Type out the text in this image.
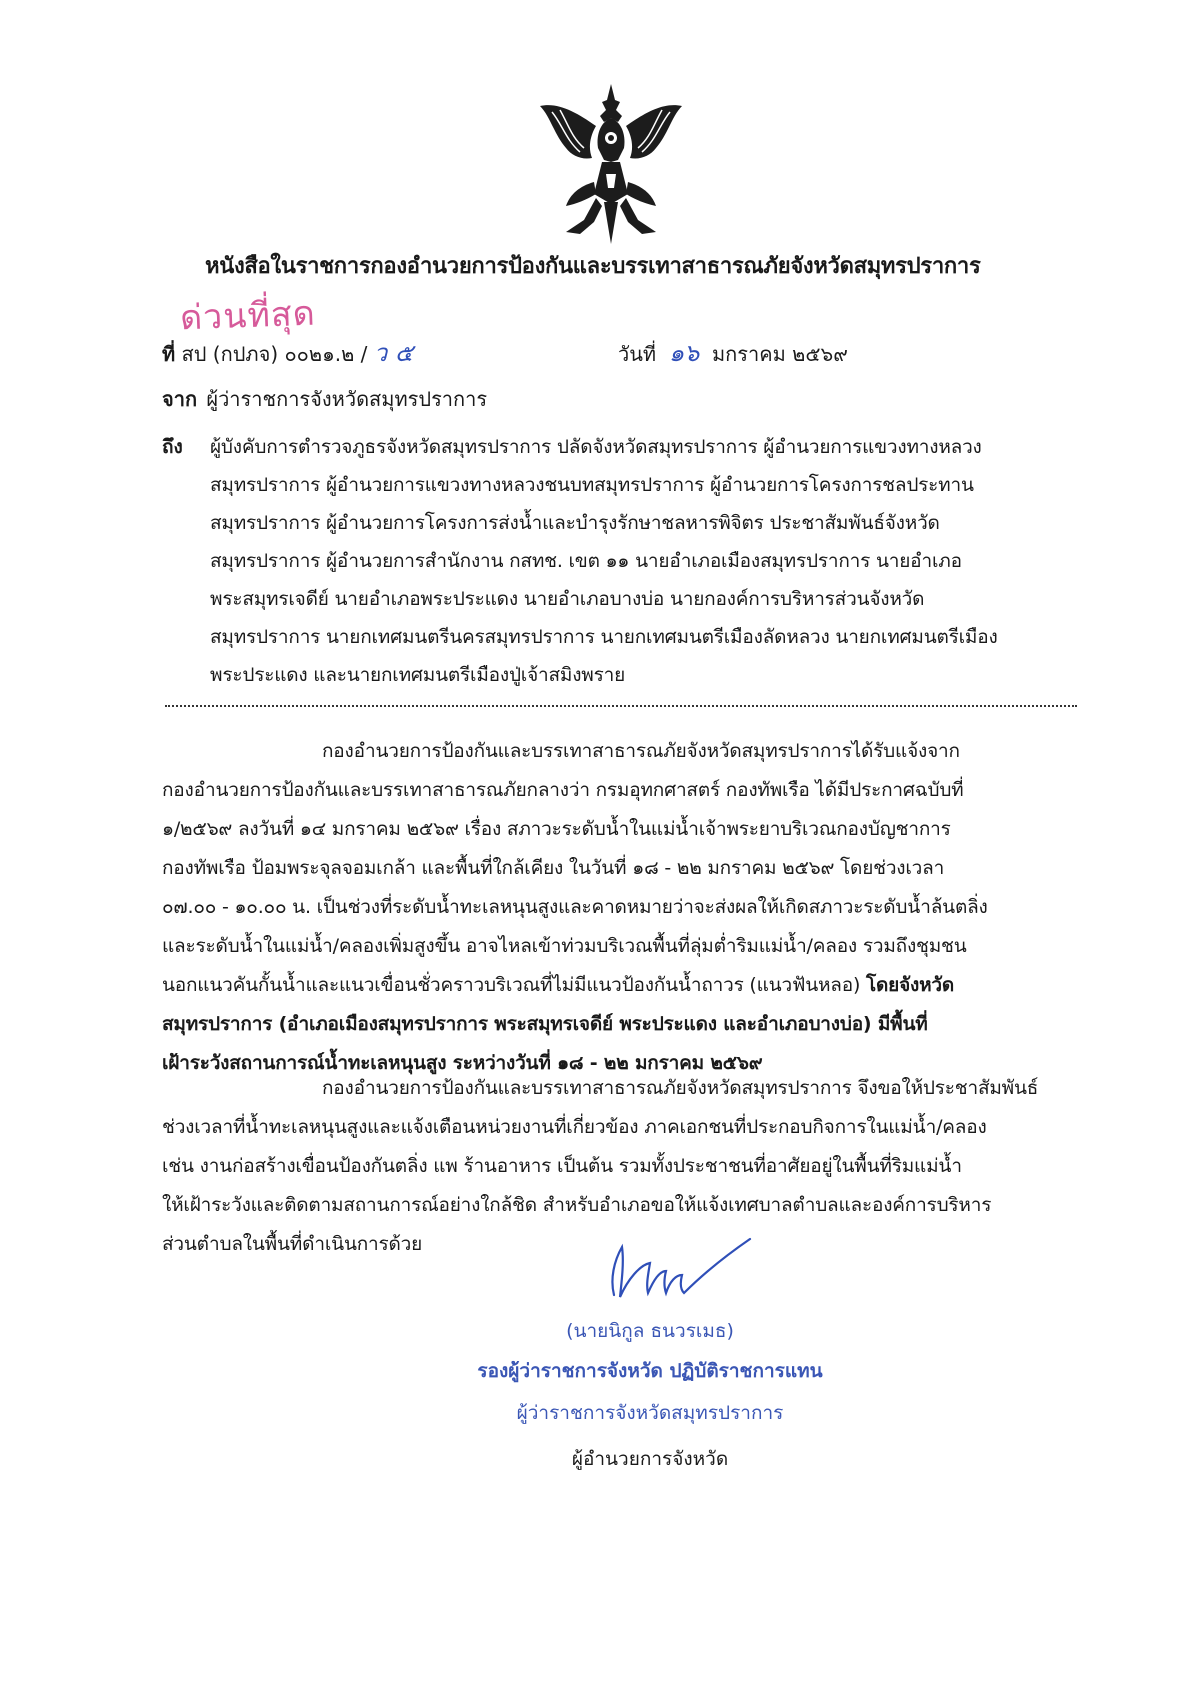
หนังสือในราชการกองอำนวยการป้องกันและบรรเทาสาธารณภัยจังหวัดสมุทรปราการ
ด่วนที่สุด
ที่ สป (กปภจ) ๐๐๒๑.๒ / ว ๕	วันที่ ๑๖ มกราคม ๒๕๖๙
จาก ผู้ว่าราชการจังหวัดสมุทรปราการ
ถึง	ผู้บังคับการตำรวจภูธรจังหวัดสมุทรปราการ ปลัดจังหวัดสมุทรปราการ ผู้อำนวยการแขวงทางหลวง
สมุทรปราการ ผู้อำนวยการแขวงทางหลวงชนบทสมุทรปราการ ผู้อำนวยการโครงการชลประทาน
สมุทรปราการ ผู้อำนวยการโครงการส่งน้ำและบำรุงรักษาชลหารพิจิตร ประชาสัมพันธ์จังหวัด
สมุทรปราการ ผู้อำนวยการสำนักงาน กสทช. เขต ๑๑ นายอำเภอเมืองสมุทรปราการ นายอำเภอ
พระสมุทรเจดีย์ นายอำเภอพระประแดง นายอำเภอบางบ่อ นายกองค์การบริหารส่วนจังหวัด
สมุทรปราการ นายกเทศมนตรีนครสมุทรปราการ นายกเทศมนตรีเมืองลัดหลวง นายกเทศมนตรีเมือง
พระประแดง และนายกเทศมนตรีเมืองปู่เจ้าสมิงพราย
กองอำนวยการป้องกันและบรรเทาสาธารณภัยจังหวัดสมุทรปราการได้รับแจ้งจาก
กองอำนวยการป้องกันและบรรเทาสาธารณภัยกลางว่า กรมอุทกศาสตร์ กองทัพเรือ ได้มีประกาศฉบับที่
๑/๒๕๖๙ ลงวันที่ ๑๔ มกราคม ๒๕๖๙ เรื่อง สภาวะระดับน้ำในแม่น้ำเจ้าพระยาบริเวณกองบัญชาการ
กองทัพเรือ ป้อมพระจุลจอมเกล้า และพื้นที่ใกล้เคียง ในวันที่ ๑๘ - ๒๒ มกราคม ๒๕๖๙ โดยช่วงเวลา
๐๗.๐๐ - ๑๐.๐๐ น. เป็นช่วงที่ระดับน้ำทะเลหนุนสูงและคาดหมายว่าจะส่งผลให้เกิดสภาวะระดับน้ำล้นตลิ่ง
และระดับน้ำในแม่น้ำ/คลองเพิ่มสูงขึ้น อาจไหลเข้าท่วมบริเวณพื้นที่ลุ่มต่ำริมแม่น้ำ/คลอง รวมถึงชุมชน
นอกแนวคันกั้นน้ำและแนวเขื่อนชั่วคราวบริเวณที่ไม่มีแนวป้องกันน้ำถาวร (แนวฟันหลอ) โดยจังหวัด
สมุทรปราการ (อำเภอเมืองสมุทรปราการ พระสมุทรเจดีย์ พระประแดง และอำเภอบางบ่อ) มีพื้นที่
เฝ้าระวังสถานการณ์น้ำทะเลหนุนสูง ระหว่างวันที่ ๑๘ - ๒๒ มกราคม ๒๕๖๙
กองอำนวยการป้องกันและบรรเทาสาธารณภัยจังหวัดสมุทรปราการ จึงขอให้ประชาสัมพันธ์
ช่วงเวลาที่น้ำทะเลหนุนสูงและแจ้งเตือนหน่วยงานที่เกี่ยวข้อง ภาคเอกชนที่ประกอบกิจการในแม่น้ำ/คลอง
เช่น งานก่อสร้างเขื่อนป้องกันตลิ่ง แพ ร้านอาหาร เป็นต้น รวมทั้งประชาชนที่อาศัยอยู่ในพื้นที่ริมแม่น้ำ
ให้เฝ้าระวังและติดตามสถานการณ์อย่างใกล้ชิด สำหรับอำเภอขอให้แจ้งเทศบาลตำบลและองค์การบริหาร
ส่วนตำบลในพื้นที่ดำเนินการด้วย
(นายนิกูล ธนวรเมธ)
รองผู้ว่าราชการจังหวัด ปฏิบัติราชการแทน
ผู้ว่าราชการจังหวัดสมุทรปราการ
ผู้อำนวยการจังหวัด
